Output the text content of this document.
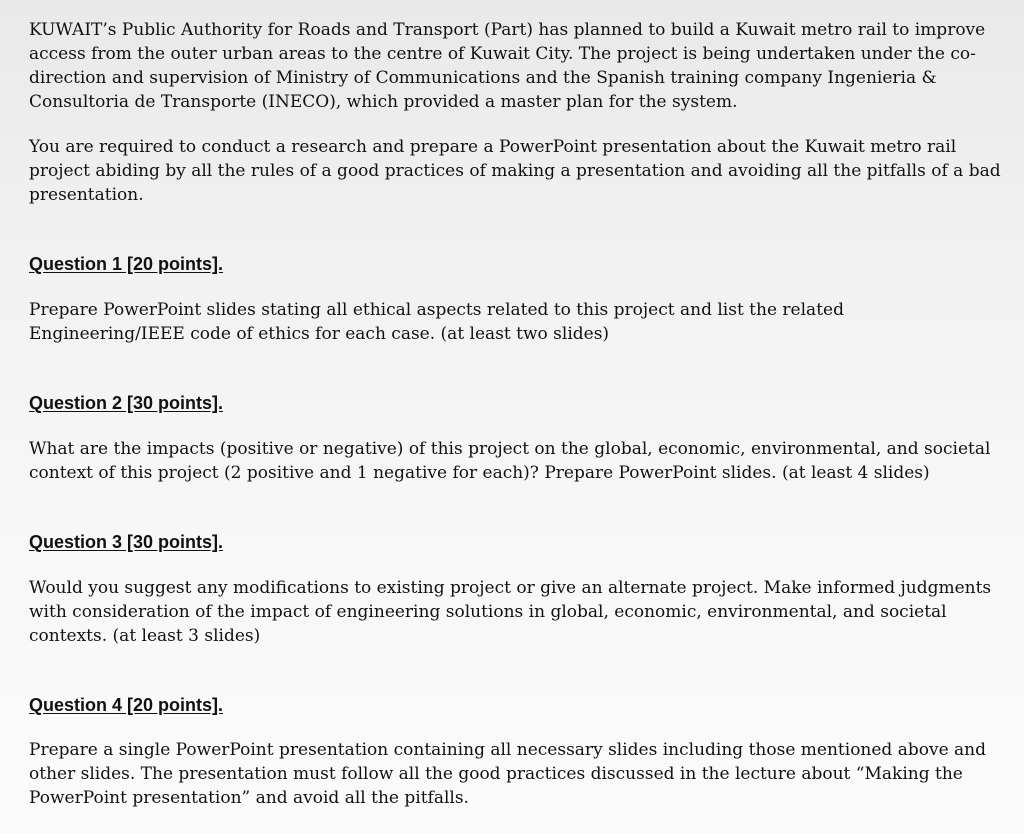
KUWAIT’s Public Authority for Roads and Transport (Part) has planned to build a Kuwait metro rail to improve access from the outer urban areas to the centre of Kuwait City. The project is being undertaken under the co-direction and supervision of Ministry of Communications and the Spanish training company Ingenieria & Consultoria de Transporte (INECO), which provided a master plan for the system.

You are required to conduct a research and prepare a PowerPoint presentation about the Kuwait metro rail project abiding by all the rules of a good practices of making a presentation and avoiding all the pitfalls of a bad presentation.

Question 1 [20 points].

Prepare PowerPoint slides stating all ethical aspects related to this project and list the related Engineering/IEEE code of ethics for each case. (at least two slides)

Question 2 [30 points].

What are the impacts (positive or negative) of this project on the global, economic, environmental, and societal context of this project (2 positive and 1 negative for each)? Prepare PowerPoint slides. (at least 4 slides)

Question 3 [30 points].

Would you suggest any modifications to existing project or give an alternate project. Make informed judgments with consideration of the impact of engineering solutions in global, economic, environmental, and societal contexts. (at least 3 slides)

Question 4 [20 points].

Prepare a single PowerPoint presentation containing all necessary slides including those mentioned above and other slides. The presentation must follow all the good practices discussed in the lecture about “Making the PowerPoint presentation” and avoid all the pitfalls.
